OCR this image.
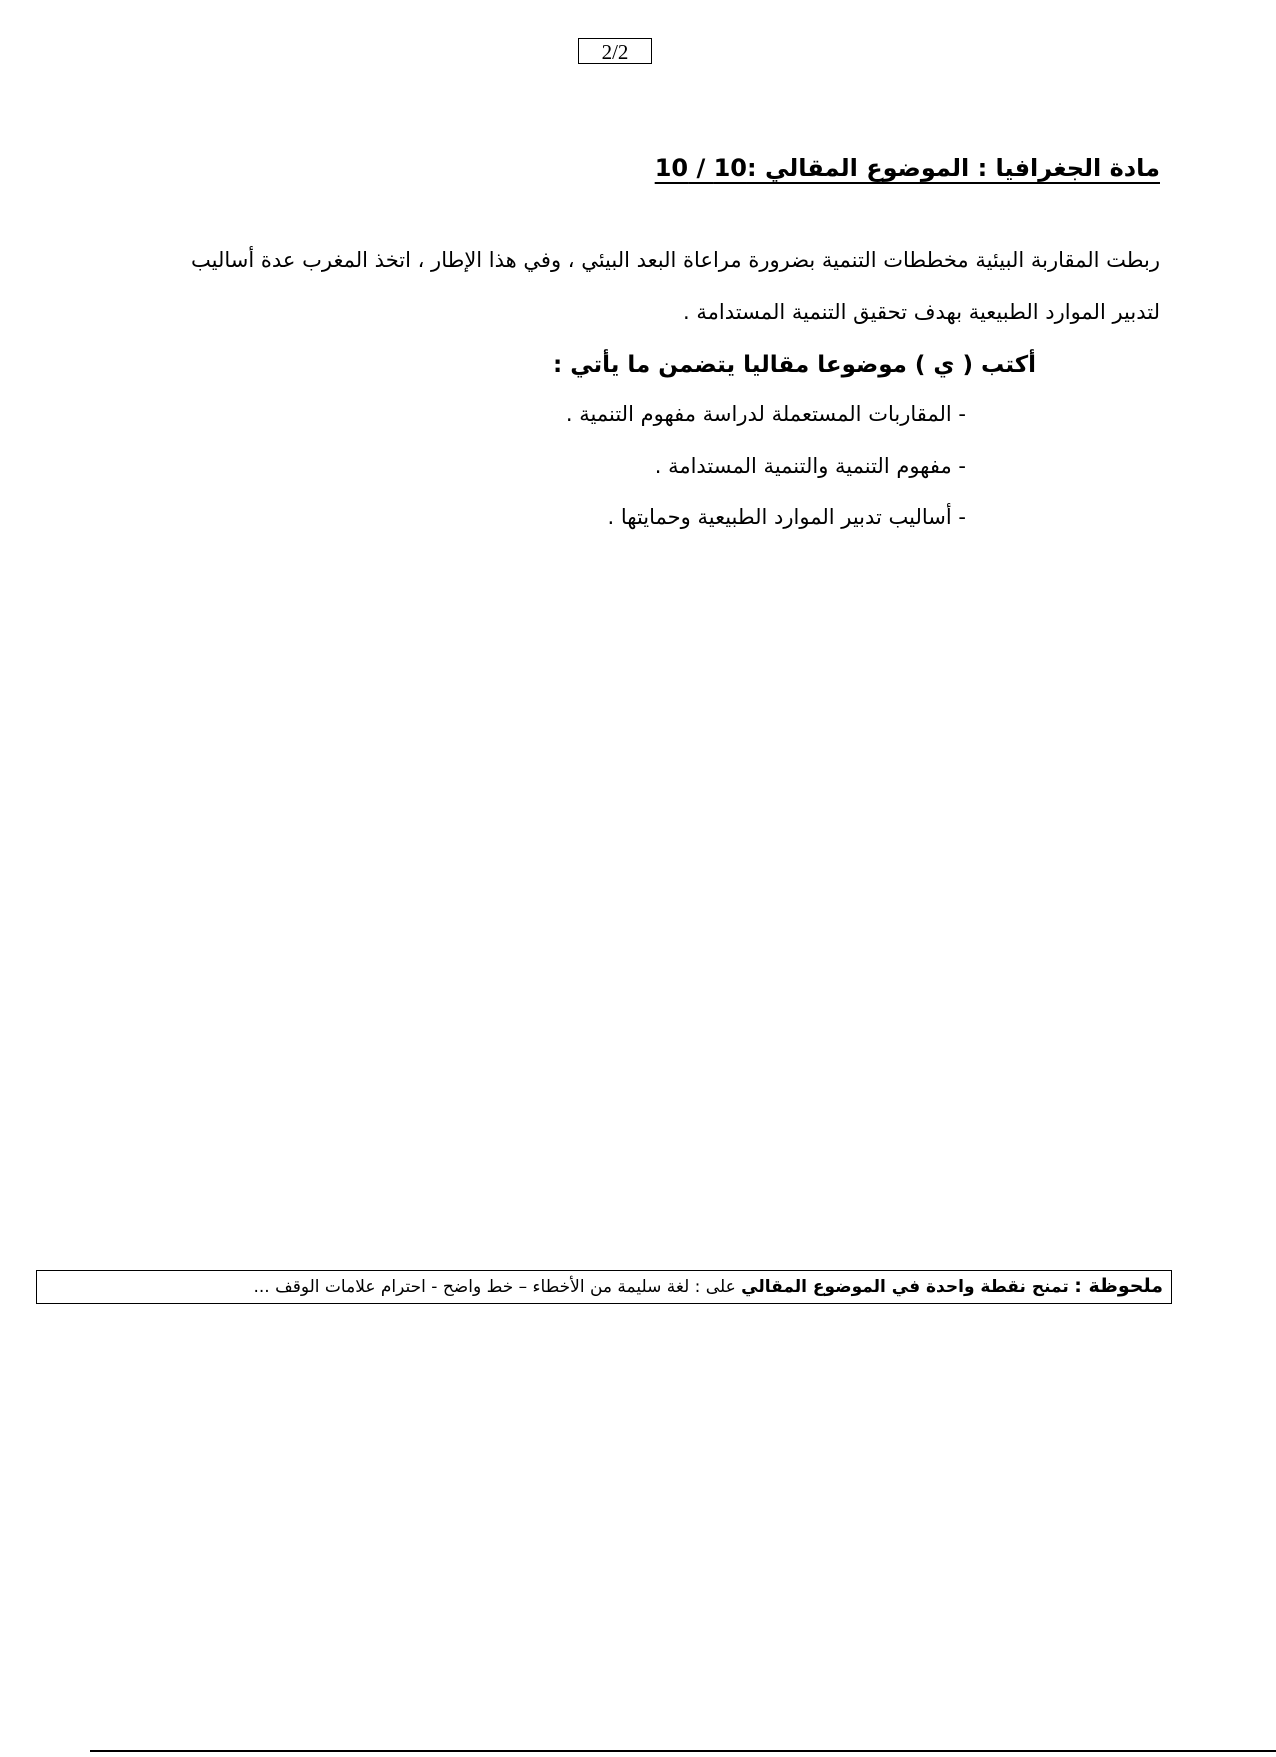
2/2
مادة الجغرافيا : الموضوع المقالي :10 / 10
ربطت المقاربة البيئية مخططات التنمية بضرورة مراعاة البعد البيئي ، وفي هذا الإطار ، اتخذ المغرب عدة أساليب
لتدبير الموارد الطبيعية بهدف تحقيق التنمية المستدامة .
أكتب ( ي ) موضوعا مقاليا يتضمن ما يأتي :
- المقاربات المستعملة لدراسة مفهوم التنمية .
- مفهوم التنمية والتنمية المستدامة .
- أساليب تدبير الموارد الطبيعية وحمايتها .
ملحوظة : تمنح نقطة واحدة في الموضوع المقالي على : لغة سليمة من الأخطاء – خط واضح - احترام علامات الوقف ...
